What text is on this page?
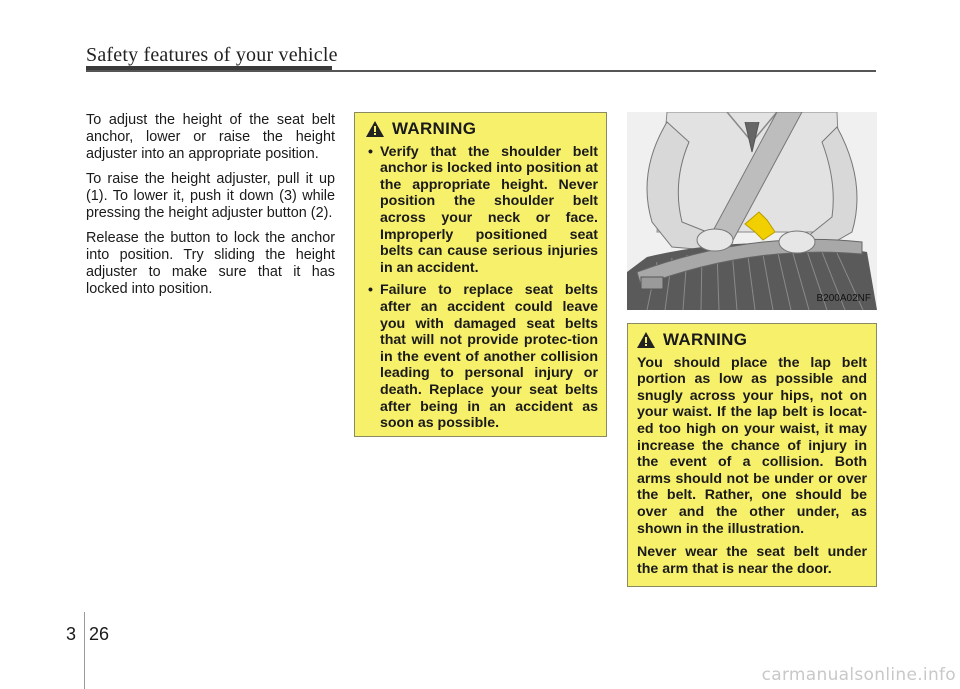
Safety features of your vehicle

To adjust the height of the seat belt anchor, lower or raise the height adjuster into an appropriate position.

To raise the height adjuster, pull it up (1). To lower it, push it down (3) while pressing the height adjuster button (2).

Release the button to lock the anchor into position. Try sliding the height adjuster to make sure that it has locked into position.

WARNING
• Verify that the shoulder belt anchor is locked into position at the appropriate height. Never position the shoulder belt across your neck or face. Improperly positioned seat belts can cause serious injuries in an accident.
• Failure to replace seat belts after an accident could leave you with damaged seat belts that will not provide protec-tion in the event of another collision leading to personal injury or death. Replace your seat belts after being in an accident as soon as possible.
B200A02NF
WARNING

You should place the lap belt portion as low as possible and snugly across your hips, not on your waist. If the lap belt is locat-ed too high on your waist, it may increase the chance of injury in the event of a collision. Both arms should not be under or over the belt. Rather, one should be over and the other under, as shown in the illustration.

Never wear the seat belt under the arm that is near the door.

3 26
carmanualsonline.info
